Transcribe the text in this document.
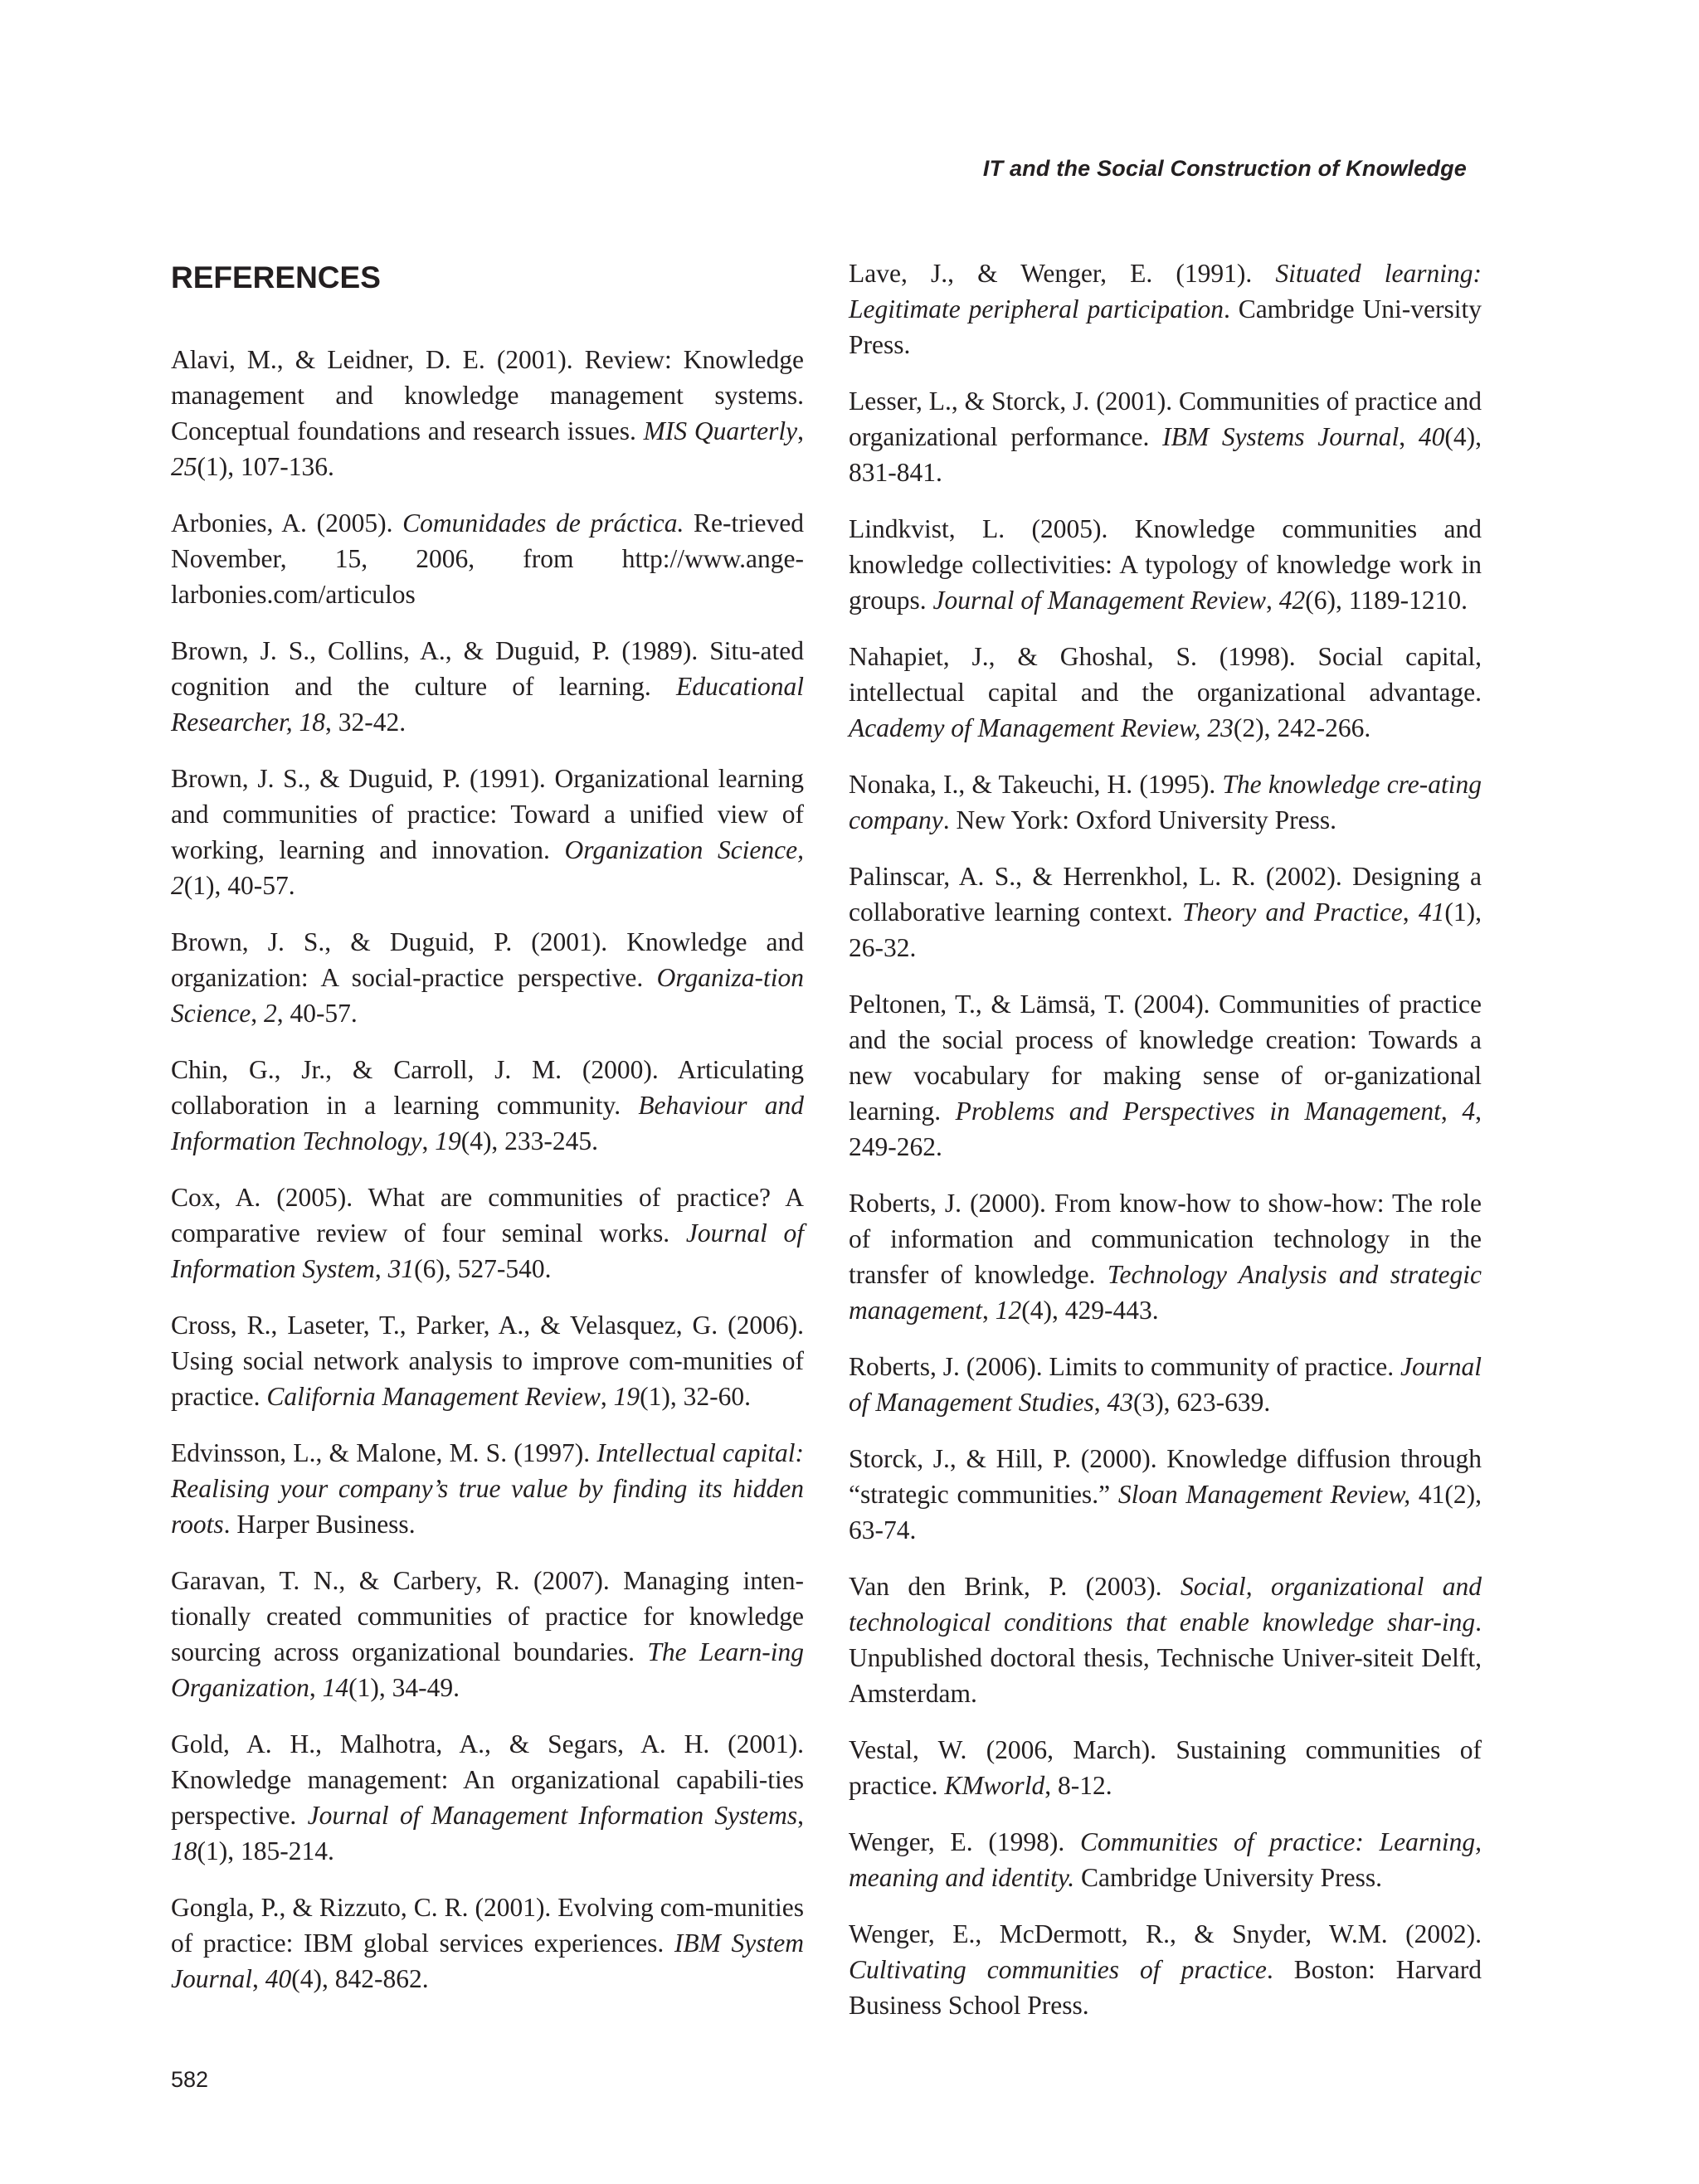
IT and the Social Construction of Knowledge
REFERENCES

Alavi, M., & Leidner, D. E. (2001). Review: Knowledge management and knowledge management systems. Conceptual foundations and research issues. MIS Quarterly, 25(1), 107-136.

Arbonies, A. (2005). Comunidades de práctica. Re-trieved November, 15, 2006, from http://www.ange-larbonies.com/articulos

Brown, J. S., Collins, A., & Duguid, P. (1989). Situ-ated cognition and the culture of learning. Educational Researcher, 18, 32-42.

Brown, J. S., & Duguid, P. (1991). Organizational learning and communities of practice: Toward a unified view of working, learning and innovation. Organization Science, 2(1), 40-57.

Brown, J. S., & Duguid, P. (2001). Knowledge and organization: A social-practice perspective. Organiza-tion Science, 2, 40-57.

Chin, G., Jr., & Carroll, J. M. (2000). Articulating collaboration in a learning community. Behaviour and Information Technology, 19(4), 233-245.

Cox, A. (2005). What are communities of practice? A comparative review of four seminal works. Journal of Information System, 31(6), 527-540.

Cross, R., Laseter, T., Parker, A., & Velasquez, G. (2006). Using social network analysis to improve com-munities of practice. California Management Review, 19(1), 32-60.

Edvinsson, L., & Malone, M. S. (1997). Intellectual capital: Realising your company’s true value by finding its hidden roots. Harper Business.

Garavan, T. N., & Carbery, R. (2007). Managing inten-tionally created communities of practice for knowledge sourcing across organizational boundaries. The Learn-ing Organization, 14(1), 34-49.

Gold, A. H., Malhotra, A., & Segars, A. H. (2001). Knowledge management: An organizational capabili-ties perspective. Journal of Management Information Systems, 18(1), 185-214.

Gongla, P., & Rizzuto, C. R. (2001). Evolving com-munities of practice: IBM global services experiences. IBM System Journal, 40(4), 842-862.

Lave, J., & Wenger, E. (1991). Situated learning: Legitimate peripheral participation. Cambridge Uni-versity Press.

Lesser, L., & Storck, J. (2001). Communities of practice and organizational performance. IBM Systems Journal, 40(4), 831-841.

Lindkvist, L. (2005). Knowledge communities and knowledge collectivities: A typology of knowledge work in groups. Journal of Management Review, 42(6), 1189-1210.

Nahapiet, J., & Ghoshal, S. (1998). Social capital, intellectual capital and the organizational advantage. Academy of Management Review, 23(2), 242-266.

Nonaka, I., & Takeuchi, H. (1995). The knowledge cre-ating company. New York: Oxford University Press.

Palinscar, A. S., & Herrenkhol, L. R. (2002). Designing a collaborative learning context. Theory and Practice, 41(1), 26-32.

Peltonen, T., & Lämsä, T. (2004). Communities of practice and the social process of knowledge creation: Towards a new vocabulary for making sense of or-ganizational learning. Problems and Perspectives in Management, 4, 249-262.

Roberts, J. (2000). From know-how to show-how: The role of information and communication technology in the transfer of knowledge. Technology Analysis and strategic management, 12(4), 429-443.

Roberts, J. (2006). Limits to community of practice. Journal of Management Studies, 43(3), 623-639.

Storck, J., & Hill, P. (2000). Knowledge diffusion through “strategic communities.” Sloan Management Review, 41(2), 63-74.

Van den Brink, P. (2003). Social, organizational and technological conditions that enable knowledge shar-ing. Unpublished doctoral thesis, Technische Univer-siteit Delft, Amsterdam.

Vestal, W. (2006, March). Sustaining communities of practice. KMworld, 8-12.

Wenger, E. (1998). Communities of practice: Learning, meaning and identity. Cambridge University Press.

Wenger, E., McDermott, R., & Snyder, W.M. (2002). Cultivating communities of practice. Boston: Harvard Business School Press.

582
